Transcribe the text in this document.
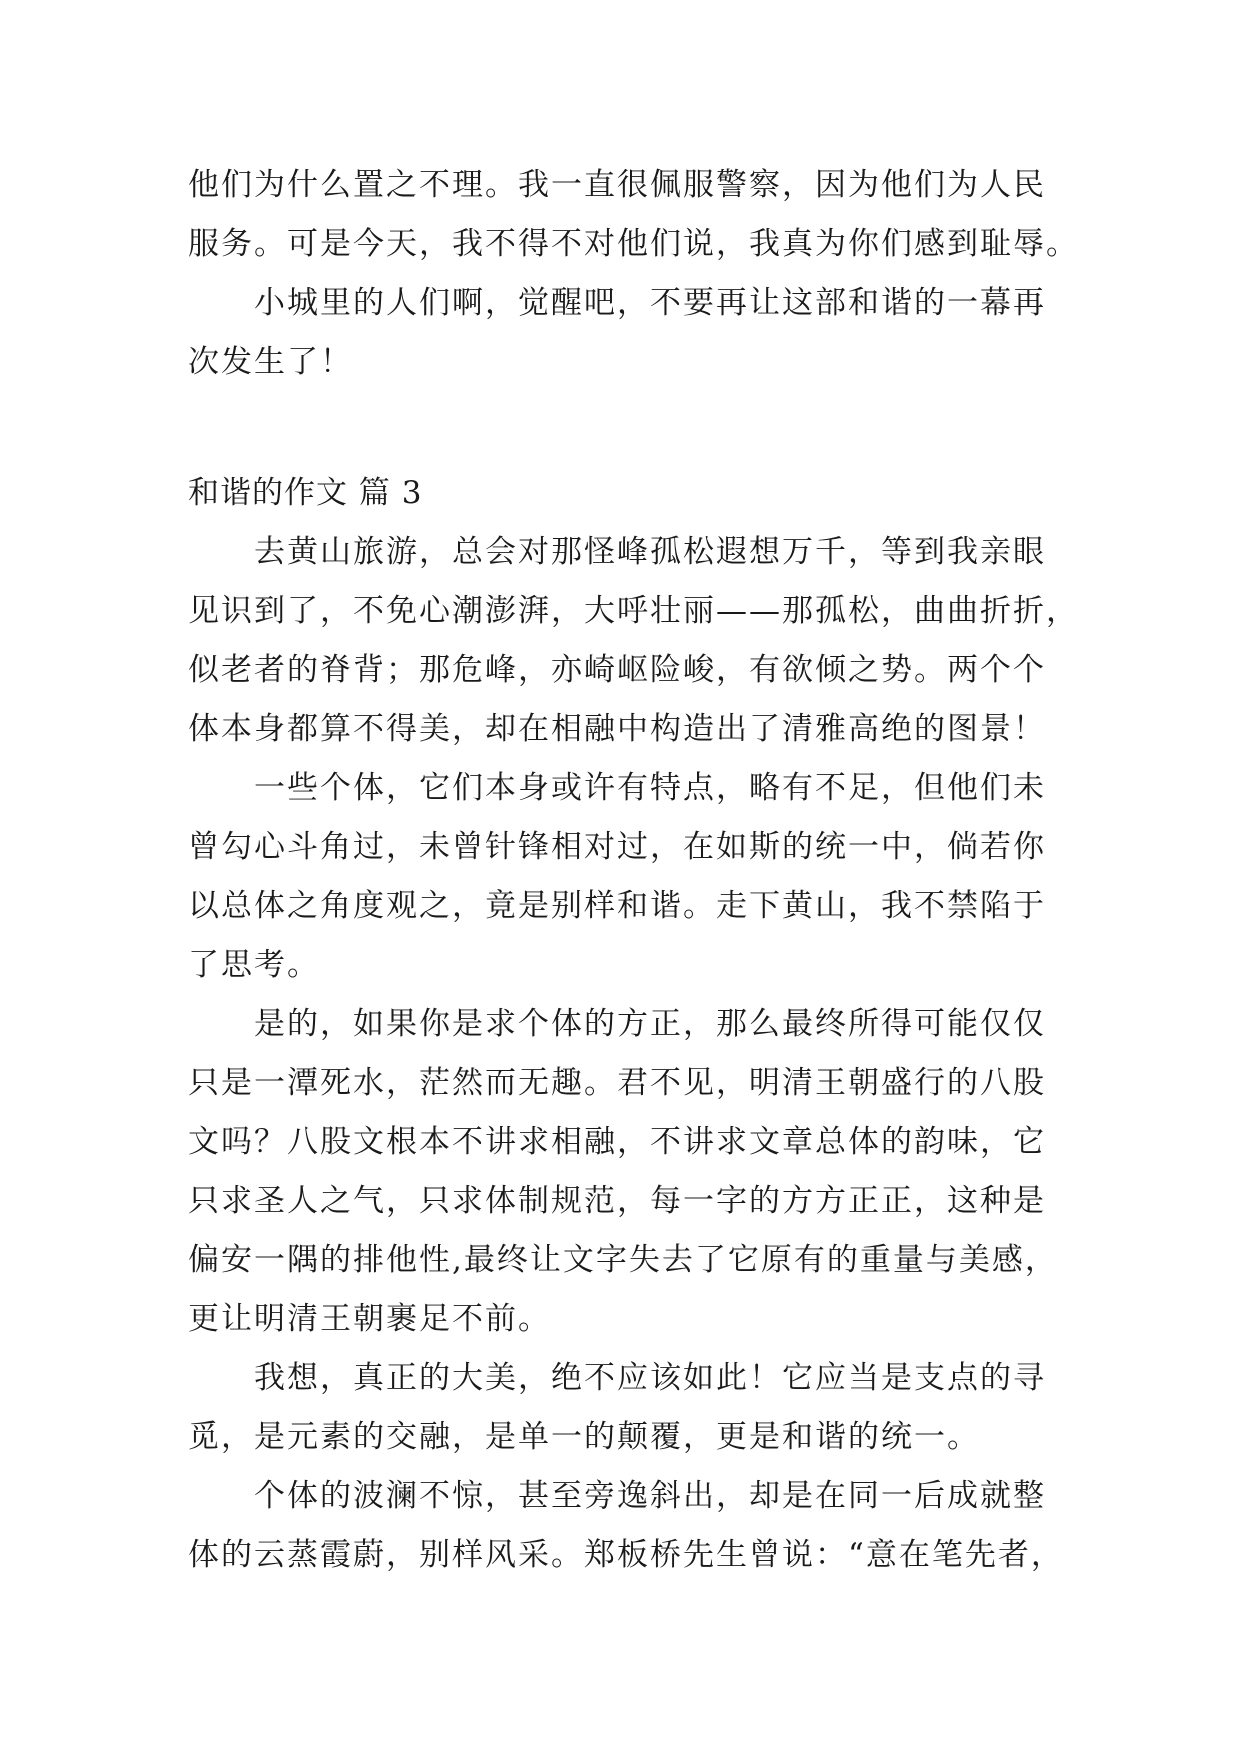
他们为什么置之不理。我一直很佩服警察，因为他们为人民
服务。可是今天，我不得不对他们说，我真为你们感到耻辱。
小城里的人们啊，觉醒吧，不要再让这部和谐的一幕再
次发生了！
和谐的作文 篇 3
去黄山旅游，总会对那怪峰孤松遐想万千，等到我亲眼
见识到了，不免心潮澎湃，大呼壮丽——那孤松，曲曲折折，
似老者的脊背；那危峰，亦崎岖险峻，有欲倾之势。两个个
体本身都算不得美，却在相融中构造出了清雅高绝的图景！
一些个体，它们本身或许有特点，略有不足，但他们未
曾勾心斗角过，未曾针锋相对过，在如斯的统一中，倘若你
以总体之角度观之，竟是别样和谐。走下黄山，我不禁陷于
了思考。
是的，如果你是求个体的方正，那么最终所得可能仅仅
只是一潭死水，茫然而无趣。君不见，明清王朝盛行的八股
文吗？八股文根本不讲求相融，不讲求文章总体的韵味，它
只求圣人之气，只求体制规范，每一字的方方正正，这种是
偏安一隅的排他性,最终让文字失去了它原有的重量与美感，
更让明清王朝裹足不前。
我想，真正的大美，绝不应该如此！它应当是支点的寻
觅，是元素的交融，是单一的颠覆，更是和谐的统一。
个体的波澜不惊，甚至旁逸斜出，却是在同一后成就整
体的云蒸霞蔚，别样风采。郑板桥先生曾说：“意在笔先者，
